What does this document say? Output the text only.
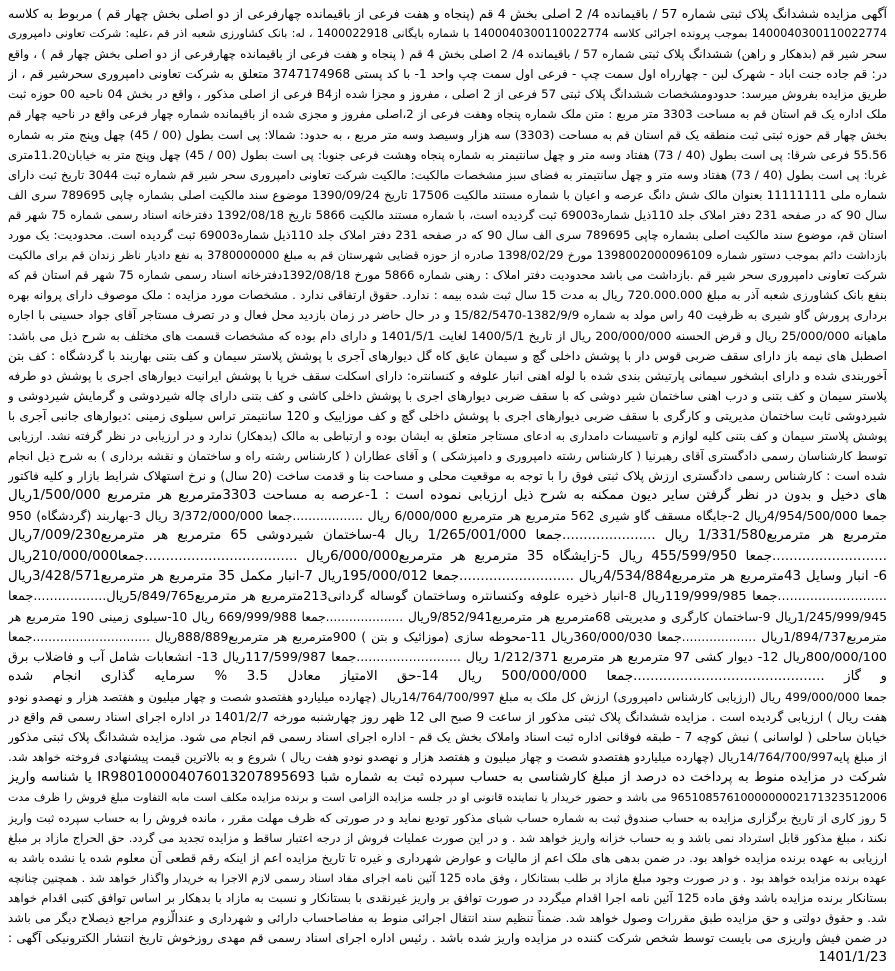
آگهی مزایده ششدانگ پلاک ثبتی شماره 57 / باقیمانده 4/ 2 اصلی بخش 4 قم (پنجاه و هفت فرعی از باقیمانده چهارفرعی از دو اصلی بخش چهار قم ) مربوط به کلاسه
1400040300110022774 بموجب پرونده اجرائی کلاسه 1400040300110022774 با شماره بایگانی 1400022918 ، له: بانک کشاورزی شعبه اذر قم ،علیه: شرکت تعاونی دامپروری
سحر شیر قم (بدهکار و راهن) ششدانگ پلاک ثبتی شماره 57 / باقیمانده 4/ 2 اصلی بخش 4 قم ( پنجاه و هفت فرعی از باقیمانده چهارفرعی از دو اصلی بخش چهار قم ) ، واقع
در: قم جاده جنت اباد - شهرک لبن - چهارراه اول سمت چپ - فرعی اول سمت چپ واحد 1- با کد پستی 3747174968 متعلق به شرکت تعاونی دامپروری سحرشیر قم ، از
طریق مزایده بفروش میرسد: حدودومشخصات ششدانگ پلاک ثبتی 57 فرعی از 2 اصلی ، مفروز و مجزا شده ازB4 فرعی از اصلی مذکور ، واقع در بخش 04 ناحیه 00 حوزه ثبت
ملک اداره یک قم استان قم به مساحت 3303 متر مربع : متن ملک شماره پنجاه وهفت فرعی از 2،اصلی مفروز و مجزی شده از باقیمانده شماره چهار فرعی واقع در ناحیه چهار قم
بخش چهار قم حوزه ثبتی ثبت منطقه یک قم استان قم به مساحت (3303) سه هزار وسیصد وسه متر مربع ، به حدود: شمالا: پی است بطول (00 / 45) چهل وپنج متر به شماره
55.56 فرعی شرقا: پی است بطول (40 / 73) هفتاد وسه متر و چهل سانتیمتر به شماره پنجاه وهشت فرعی جنوبا: پی است بطول (00 / 45) چهل وپنج متر به خیابان11.20متری
غربا: پی است بطول (40 / 73) هفتاد وسه متر و چهل سانتیمتر به فضای سبز مشخصات مالکیت: مالکیت شرکت تعاونی دامپروری سحر شیر قم شماره ثبت 3044 تاریخ ثبت دارای
شماره ملی 11111111 بعنوان مالک شش دانگ عرصه و اعیان با شماره مستند مالکیت 17506 تاریخ 1390/09/24 موضوع سند مالکیت اصلی بشماره چاپی 789695 سری الف
سال 90 که در صفحه 231 دفتر املاک جلد 110ذیل شماره69003 ثبت گردیده است، با شماره مستند مالکیت 5866 تاریخ 1392/08/18 دفترخانه اسناد رسمی شماره 75 شهر قم
استان قم، موضوع سند مالکیت اصلی بشماره چاپی 789695 سری الف سال 90 که در صفحه 231 دفتر املاک جلد 110ذیل شماره69003 ثبت گردیده است. محدودیت: یک مورد
بازداشت دائم بموجب دستور شماره 139800200009610​9 مورخ 1398/02/29 صادره از حوزه قضایی شهرستان قم به مبلغ 3780000000 به نفع دادیار ناظر زندان قم برای مالکیت
شرکت تعاونی دامپروری سحر شیر قم .بازداشت می باشد محدودیت دفتر املاک : رهنی شماره 5866 مورخ 1392/08/18دفترخانه اسناد رسمی شماره 75 شهر قم استان قم که
بنفع بانک کشاورزی شعبه آذر به مبلغ 720.000.000 ریال به مدت 15 سال ثبت شده بیمه : ندارد. حقوق ارتفاقی ندارد . مشخصات مورد مزایده : ملک موصوف دارای پروانه بهره
برداری پرورش گاو شیری به ظرفیت 40 راس مولد به شماره 1382/9/9-15/82/5470 و در حال حاضر در زمان بازدید محل فعال و در تصرف مستاجر آقای جواد حسینی با اجاره
ماهیانه 25/000/000 ریال و قرض الحسنه 200/000/000 ریال از تاریخ 1400/5/1 لغایت 1401/5/1 و دارای دام بوده که مشخصات قسمت های مختلف به شرح ذیل می باشد:
اصطبل های نیمه باز دارای سقف ضربی قوس دار با پوشش داخلی گچ و سیمان عایق کاه گل دیوارهای آجری با پوشش پلاستر سیمان و کف بتنی بهاربند با گردشگاه : کف بتن
آخوربندی شده و دارای ابشخور سیمانی پارتیشن بندی شده با لوله اهنی انبار علوفه و کنسانتره: دارای اسکلت سقف خرپا با پوشش ایرانیت دیوارهای اجری با پوشش دو طرفه
پلاستر سیمان و کف بتنی و درب اهنی ساختمان شیر دوشی که با سقف ضربی دیوارهای اجری با پوشش داخلی کاشی و کف بتنی دارای چاله شیردوشی و گرمایش شیردوشی و
شیردوشی ثابت ساختمان مدیریتی و کارگری با سقف ضربی دیوارهای اجری با پوشش داخلی گچ و کف موزاییک و 120 سانتیمتر تراس سیلوی زمینی :دیوارهای جانبی آجری با
پوشش پلاستر سیمان و کف بتنی کلیه لوازم و تاسیسات دامداری به ادعای مستاجر متعلق به ایشان بوده و ارتباطی به مالک (بدهکار) ندارد و در ارزیابی در نظر گرفته نشد. ارزیابی
توسط کارشناسان رسمی دادگستری آقای رهبرنیا ( کارشناس رشته دامپروری و دامپزشکی ) و آقای عطاران ( کارشناس رشته راه و ساختمان و نقشه برداری ) به شرح ذیل انجام
شده است : کارشناس رسمی دادگستری ارزش پلاک ثبتی فوق را با توجه به موقعیت محلی و مساحت بنا و قدمت ساخت (20 سال) و نرخ استهلاک شرایط بازار و کلیه فاکتور
های دخیل و بدون در نظر گرفتن سایر دیون ممکنه به شرح ذیل ارزیابی نموده است : 1-عرصه به مساحت 3303مترمربع هر مترمربع 1/500/000ریال
جمعا 4/954/500/000ریال 2-جایگاه مسقف گاو شیری 562 مترمربع هر مترمربع 6/000/000 ریال ..................جمعا 3/372/000/000 ریال 3-بهاربند (گردشگاه) 950
مترمربع هر مترمربع1/331/580 ریال ......................جمعا 1/265/001/000 ریال 4-ساختمان شیردوشی 65 مترمربع هر مترمربع7/009/230ریال
...........................جمعا 455/599/950 ریال 5-زایشگاه 35 مترمربع هر مترمربع6/000/000ریال ....................................جمعا210/000/000ریال
6- انبار وسایل 43مترمربع هر مترمربع4/534/884ریال ...........................جمعا 195/000/012ریال 7-انبار مکمل 35 مترمربع هر مترمربع3/428/571ریال
...........................جمعا 119/999/985ریال 8-انبار ذخیره علوفه وکنسانتره وساختمان گوساله گردانی213مترمربع هر مترمربع5/849/765ریال..................جمعا
1/245/999/945ریال 9-ساختمان کارگری و مدیریتی 68مترمربع هر مترمربع9/852/941ریال ....................جمعا 669/999/988 ریال 10-سیلوی زمینی 190 مترمربع هر
مترمربع1/894/737ریال ...................جمعا 360/000/030ریال 11-محوطه سازی (موزائیک و بتن ) 900مترمربع هر مترمربع888/889ریال ..............................جمعا
800/000/100ریال 12- دیوار کشی 97 مترمربع هر مترمربع 1/212/371 ریال ..........................جمعا 117/599/987ریال 13- انشعابات شامل آب و فاضلاب برق
و گاز .............................................جمعا 500/000/000 ریال 14-حق الامتیاز معادل 3.5 % سرمایه گذاری انجام شده
جمعا 499/000/000 ریال (ارزیابی کارشناس دامپروری) ارزش کل ملک به مبلغ 14/764/700/997ریال (چهارده میلیاردو هفتصدو شصت و چهار میلیون و هفتصد هزار و نهصدو نودو
هفت ریال ) ارزیابی گردیده است . مزایده ششدانگ پلاک ثبتی مذکور از ساعت 9 صبح الی 12 ظهر روز چهارشنبه مورخه 1401/2/7 در اداره اجرای اسناد رسمی قم واقع در
خیابان ساحلی ( لواسانی ) نبش کوچه 7 - طبقه فوقانی اداره ثبت اسناد واملاک بخش یک قم - اداره اجرای اسناد رسمی قم انجام می شود. مزایده ششدانگ پلاک ثبتی مذکور
از مبلغ پایه14/764/700/997ریال (چهارده میلیاردو هفتصدو شصت و چهار میلیون و هفتصد هزار و نهصدو نودو هفت ریال ) شروع و به بالاترین قیمت پیشنهادی فروخته خواهد شد.
شرکت در مزایده منوط به پرداخت ده درصد از مبلغ کارشناسی به حساب سپرده ثبت به شماره شبا IR980100004076013207895693 یا شناسه واریز
965108576100000000217132351200​6 می باشد و حضور خریدار یا نماینده قانونی او در جلسه مزایده الزامی است و برنده مزایده مکلف است مابه التفاوت مبلغ فروش را ظرف مدت
5 روز کاری از تاریخ برگزاری مزایده به حساب صندوق ثبت به شماره حساب شبای مذکور تودیع نماید و در صورتی که ظرف مهلت مقرر ، مانده فروش را به حساب سپرده ثبت واریز
نکند ، مبلغ مذکور قابل استرداد نمی باشد و به حساب خزانه واریز خواهد شد . و در این صورت عملیات فروش از درجه اعتبار ساقط و مزایده تجدید می گردد. حق الحراج مازاد بر مبلغ
ارزیابی به عهده برنده مزایده خواهد بود. در ضمن بدهی های ملک اعم از مالیات و عوارض شهرداری و غیره تا تاریخ مزایده اعم از اینکه رقم قطعی آن معلوم شده یا نشده باشد به
عهده برنده مزایده خواهد بود . و در صورت وجود مبلغ مازاد بر طلب بستانکار ، وفق ماده 125 آئین نامه اجرای مفاد اسناد رسمی لازم الاجرا به خریدار واگذار خواهد شد . همچنین چنانچه
بستانکار برنده مزایده باشد وفق ماده 125 آئین نامه اجرا اقدام میگردد در صورت توافق بر واریز غیرنقدی با بستانکار و نسبت به مازاد با بدهکار بر اساس توافق کتبی اقدام خواهد
شد. و حقوق دولتی و حق مزایده طبق مقررات وصول خواهد شد. ضمناً تنظیم سند انتقال اجرائی منوط به مفاصاحساب دارائی و شهرداری و عندالّزوم مراجع ذیصلاح دیگر می باشد
در ضمن فیش واریزی می بایست توسط شخص شرکت کننده در مزایده واریز شده باشد . رئیس اداره اجرای اسناد رسمی قم مهدی روزخوش تاریخ انتشار الکترونیکی آگهی :
1401/1/23
